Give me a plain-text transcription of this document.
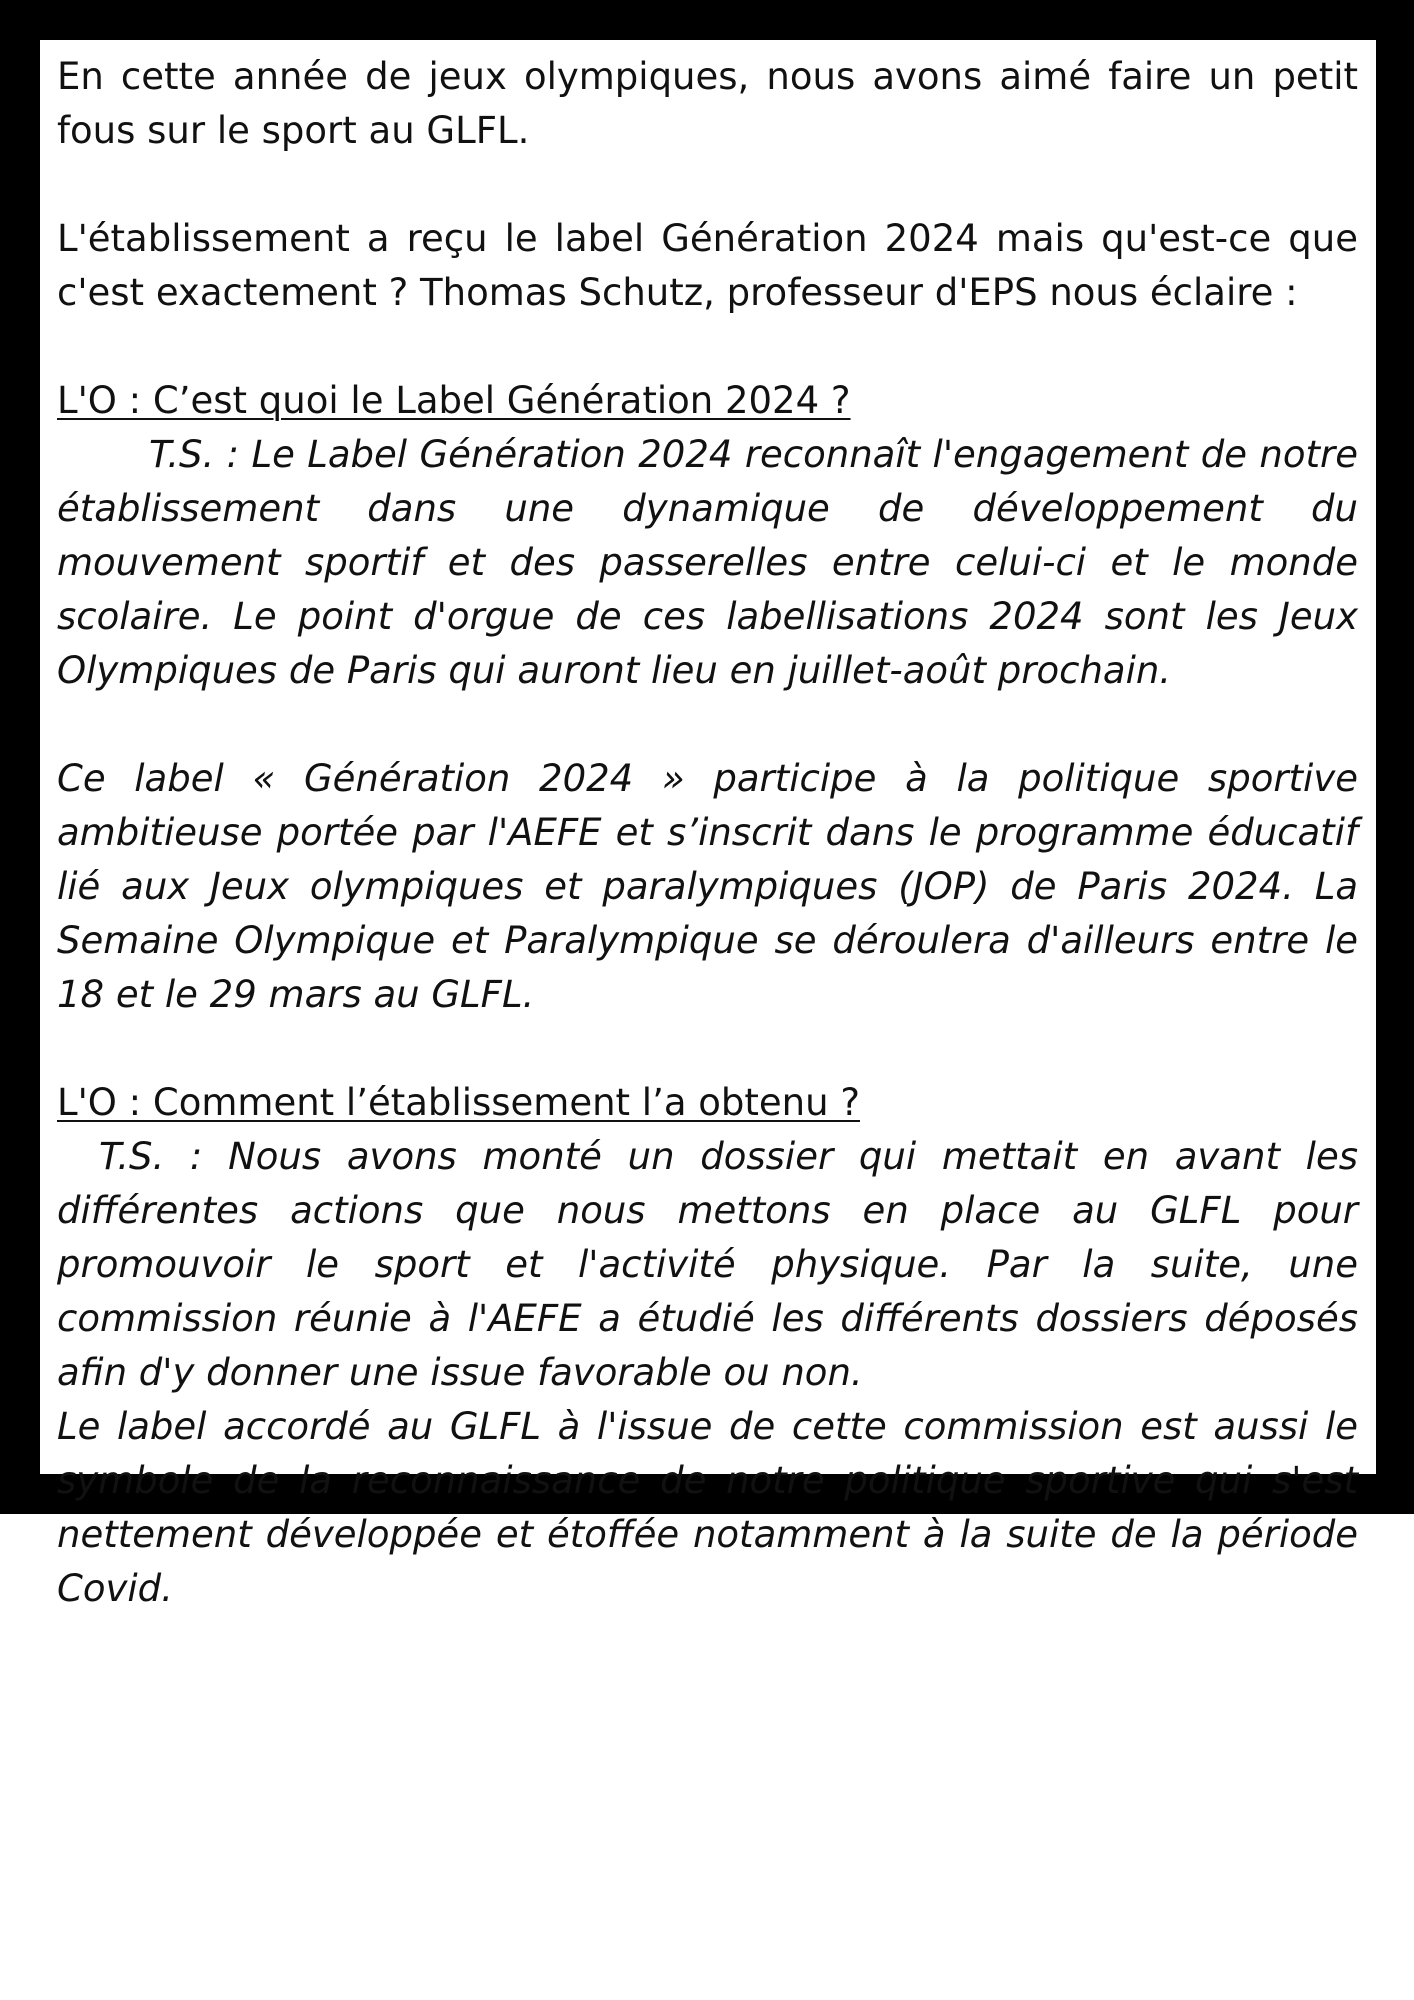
En cette année de jeux olympiques, nous avons aimé faire un petit fous sur le sport au GLFL.

L'établissement a reçu le label Génération 2024 mais qu'est-ce que c'est exactement ? Thomas Schutz, professeur d'EPS nous éclaire :

L'O : C’est quoi le Label Génération 2024 ?

T.S. : Le Label Génération 2024 reconnaît l'engagement de notre établissement dans une dynamique de développement du mouvement sportif et des passerelles entre celui-ci et le monde scolaire. Le point d'orgue de ces labellisations 2024 sont les Jeux Olympiques de Paris qui auront lieu en juillet-août prochain.

Ce label « Génération 2024 » participe à la politique sportive ambitieuse portée par l'AEFE et s’inscrit dans le programme éducatif lié aux Jeux olympiques et paralympiques (JOP) de Paris 2024. La Semaine Olympique et Paralympique se déroulera d'ailleurs entre le 18 et le 29 mars au GLFL.

L'O : Comment l’établissement l’a obtenu ?

T.S. : Nous avons monté un dossier qui mettait en avant les différentes actions que nous mettons en place au GLFL pour promouvoir le sport et l'activité physique. Par la suite, une commission réunie à l'AEFE a étudié les différents dossiers déposés afin d'y donner une issue favorable ou non.

Le label accordé au GLFL à l'issue de cette commission est aussi le symbole de la reconnaissance de notre politique sportive qui s'est nettement développée et étoffée notamment à la suite de la période Covid.
